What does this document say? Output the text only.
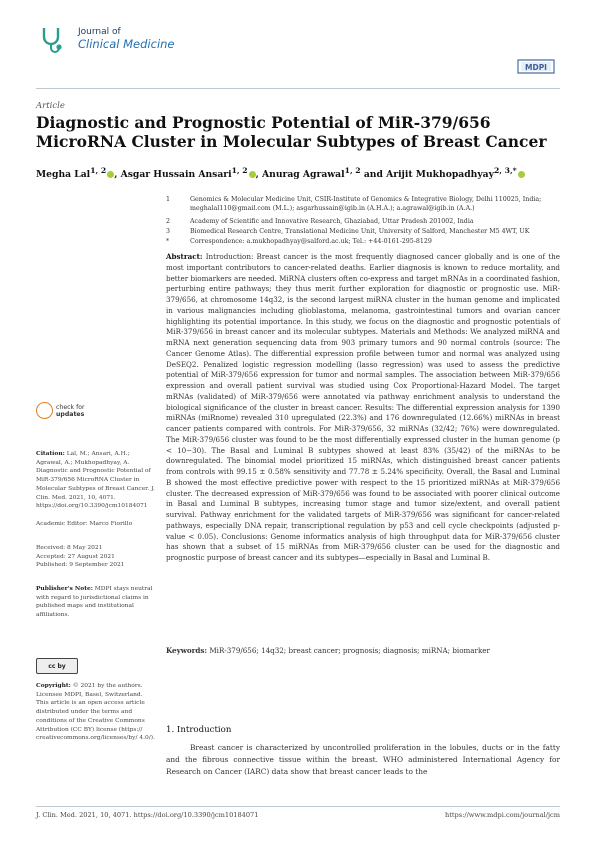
Journal of
Clinical Medicine
MDPI
Article
Diagnostic and Prognostic Potential of MiR-379/656 MicroRNA Cluster in Molecular Subtypes of Breast Cancer
Megha Lal$^{1, 2}$ , Asgar Hussain Ansari$^{1, 2}$ , Anurag Agrawal$^{1, 2}$ and Arijit Mukhopadhyay$^{2, 3,*}$
1	Genomics & Molecular Medicine Unit, CSIR-Institute of Genomics & Integrative Biology, Delhi 110025, India; meghalal110@gmail.com (M.L.); asgarhussain@igib.in (A.H.A.); a.agrawal@igib.in (A.A.)
2	Academy of Scientific and Innovative Research, Ghaziabad, Uttar Pradesh 201002, India
3	Biomedical Research Centre, Translational Medicine Unit, University of Salford, Manchester M5 4WT, UK
*	Correspondence: a.mukhopadhyay@salford.ac.uk; Tel.: +44-0161-295-8129
Abstract: Introduction: Breast cancer is the most frequently diagnosed cancer globally and is one of the most important contributors to cancer-related deaths. Earlier diagnosis is known to reduce mortality, and better biomarkers are needed. MiRNA clusters often co-express and target mRNAs in a coordinated fashion, perturbing entire pathways; they thus merit further exploration for diagnostic or prognostic use. MiR-379/656, at chromosome 14q32, is the second largest miRNA cluster in the human genome and implicated in various malignancies including glioblastoma, melanoma, gastrointestinal tumors and ovarian cancer highlighting its potential importance. In this study, we focus on the diagnostic and prognostic potentials of MiR-379/656 in breast cancer and its molecular subtypes. Materials and Methods: We analyzed miRNA and mRNA next generation sequencing data from 903 primary tumors and 90 normal controls (source: The Cancer Genome Atlas). The differential expression profile between tumor and normal was analyzed using DeSEQ2. Penalized logistic regression modelling (lasso regression) was used to assess the predictive potential of MiR-379/656 expression for tumor and normal samples. The association between MiR-379/656 expression and overall patient survival was studied using Cox Proportional-Hazard Model. The target mRNAs (validated) of MiR-379/656 were annotated via pathway enrichment analysis to understand the biological significance of the cluster in breast cancer. Results: The differential expression analysis for 1390 miRNAs (miRnome) revealed 310 upregulated (22.3%) and 176 downregulated (12.66%) miRNAs in breast cancer patients compared with controls. For MiR-379/656, 32 miRNAs (32/42; 76%) were downregulated. The MiR-379/656 cluster was found to be the most differentially expressed cluster in the human genome (p < 10−30). The Basal and Luminal B subtypes showed at least 83% (35/42) of the miRNAs to be downregulated. The binomial model prioritized 15 miRNAs, which distinguished breast cancer patients from controls with 99.15 ± 0.58% sensitivity and 77.78 ± 5.24% specificity. Overall, the Basal and Luminal B showed the most effective predictive power with respect to the 15 prioritized miRNAs at MiR-379/656 cluster. The decreased expression of MiR-379/656 was found to be associated with poorer clinical outcome in Basal and Luminal B subtypes, increasing tumor stage and tumor size/extent, and overall patient survival. Pathway enrichment for the validated targets of MiR-379/656 was significant for cancer-related pathways, especially DNA repair, transcriptional regulation by p53 and cell cycle checkpoints (adjusted p-value < 0.05). Conclusions: Genome informatics analysis of high throughput data for MiR-379/656 cluster has shown that a subset of 15 miRNAs from MiR-379/656 cluster can be used for the diagnostic and prognostic purpose of breast cancer and its subtypes—especially in Basal and Luminal B.
Keywords: MiR-379/656; 14q32; breast cancer; prognosis; diagnosis; miRNA; biomarker
check for
updates
Citation: Lal, M.; Ansari, A.H.; Agrawal, A.; Mukhopadhyay, A. Diagnostic and Prognostic Potential of MiR-379/656 MicroRNA Cluster in Molecular Subtypes of Breast Cancer. J. Clin. Med. 2021, 10, 4071. https://doi.org/10.3390/jcm10184071
Academic Editor: Marco Fiorillo
Received: 8 May 2021
Accepted: 27 August 2021
Published: 9 September 2021
Publisher's Note: MDPI stays neutral with regard to jurisdictional claims in published maps and institutional affiliations.
cc by
Copyright: © 2021 by the authors. Licensee MDPI, Basel, Switzerland. This article is an open access article distributed under the terms and conditions of the Creative Commons Attribution (CC BY) license (https:// creativecommons.org/licenses/by/ 4.0/).
1. Introduction
Breast cancer is characterized by uncontrolled proliferation in the lobules, ducts or in the fatty and the fibrous connective tissue within the breast. WHO administered International Agency for Research on Cancer (IARC) data show that breast cancer leads to the
J. Clin. Med. 2021, 10, 4071. https://doi.org/10.3390/jcm10184071	https://www.mdpi.com/journal/jcm
